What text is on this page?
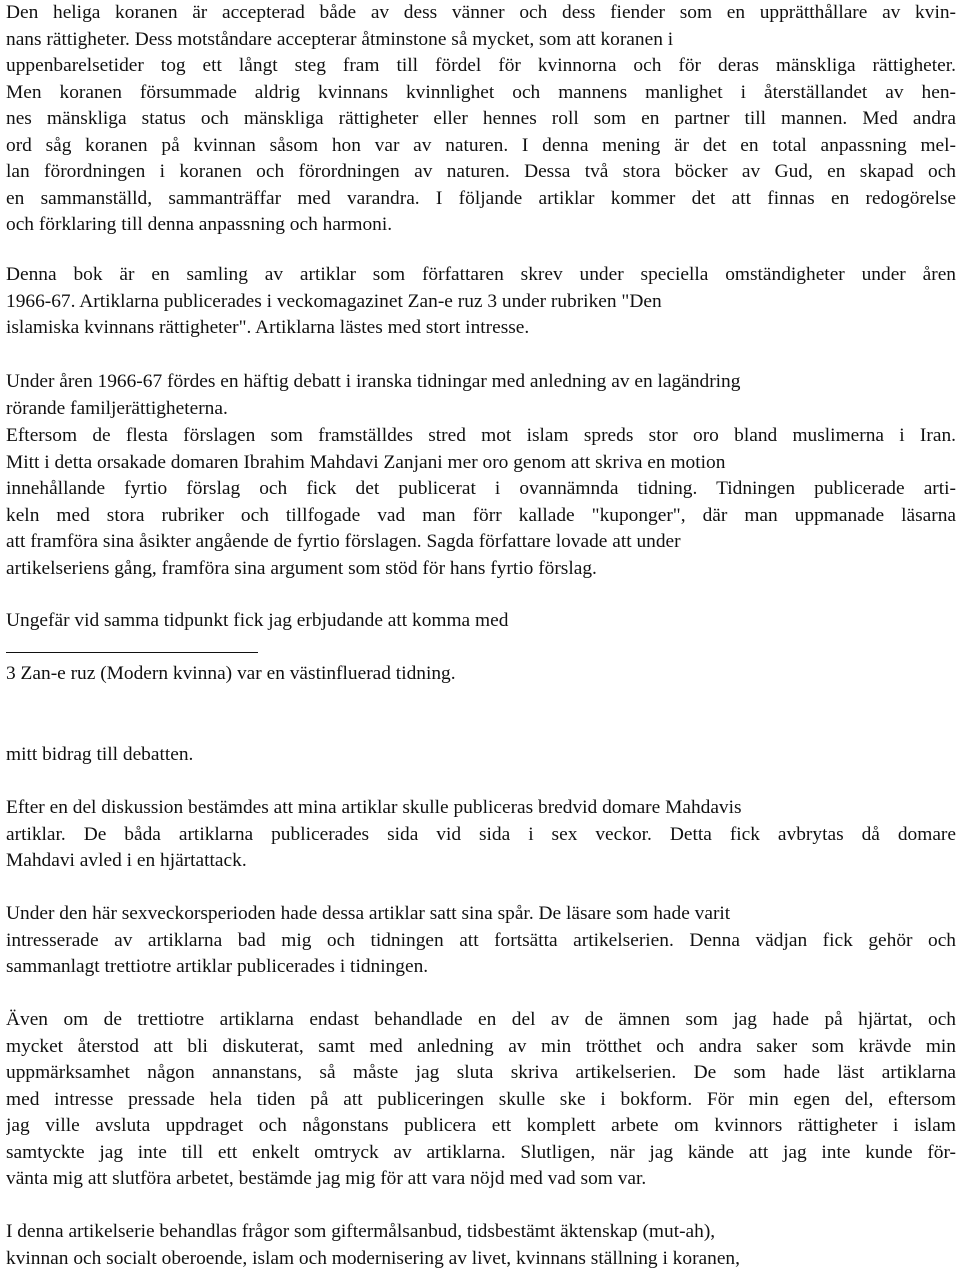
Den heliga koranen är accepterad både av dess vänner och dess fiender som en upprätthållare av kvin-
nans rättigheter. Dess motståndare accepterar åtminstone så mycket, som att koranen i
uppenbarelsetider tog ett långt steg fram till fördel för kvinnorna och för deras mänskliga rättigheter.
Men koranen försummade aldrig kvinnans kvinnlighet och mannens manlighet i återställandet av hen-
nes mänskliga status och mänskliga rättigheter eller hennes roll som en partner till mannen. Med andra
ord såg koranen på kvinnan såsom hon var av naturen. I denna mening är det en total anpassning mel-
lan förordningen i koranen och förordningen av naturen. Dessa två stora böcker av Gud, en skapad och
en sammanställd, sammanträffar med varandra. I följande artiklar kommer det att finnas en redogörelse
och förklaring till denna anpassning och harmoni.
Denna bok är en samling av artiklar som författaren skrev under speciella omständigheter under åren
1966-67. Artiklarna publicerades i veckomagazinet Zan-e ruz 3 under rubriken "Den
islamiska kvinnans rättigheter". Artiklarna lästes med stort intresse.
Under åren 1966-67 fördes en häftig debatt i iranska tidningar med anledning av en lagändring
rörande familjerättigheterna.
Eftersom de flesta förslagen som framställdes stred mot islam spreds stor oro bland muslimerna i Iran.
Mitt i detta orsakade domaren Ibrahim Mahdavi Zanjani mer oro genom att skriva en motion
innehållande fyrtio förslag och fick det publicerat i ovannämnda tidning. Tidningen publicerade arti-
keln med stora rubriker och tillfogade vad man förr kallade "kuponger", där man uppmanade läsarna
att framföra sina åsikter angående de fyrtio förslagen. Sagda författare lovade att under
artikelseriens gång, framföra sina argument som stöd för hans fyrtio förslag.
Ungefär vid samma tidpunkt fick jag erbjudande att komma med
3 Zan-e ruz (Modern kvinna) var en västinfluerad tidning.
mitt bidrag till debatten.
Efter en del diskussion bestämdes att mina artiklar skulle publiceras bredvid domare Mahdavis
artiklar. De båda artiklarna publicerades sida vid sida i sex veckor. Detta fick avbrytas då domare
Mahdavi avled i en hjärtattack.
Under den här sexveckorsperioden hade dessa artiklar satt sina spår. De läsare som hade varit
intresserade av artiklarna bad mig och tidningen att fortsätta artikelserien. Denna vädjan fick gehör och
sammanlagt trettiotre artiklar publicerades i tidningen.
Även om de trettiotre artiklarna endast behandlade en del av de ämnen som jag hade på hjärtat, och
mycket återstod att bli diskuterat, samt med anledning av min trötthet och andra saker som krävde min
uppmärksamhet någon annanstans, så måste jag sluta skriva artikelserien. De som hade läst artiklarna
med intresse pressade hela tiden på att publiceringen skulle ske i bokform. För min egen del, eftersom
jag ville avsluta uppdraget och någonstans publicera ett komplett arbete om kvinnors rättigheter i islam
samtyckte jag inte till ett enkelt omtryck av artiklarna. Slutligen, när jag kände att jag inte kunde för-
vänta mig att slutföra arbetet, bestämde jag mig för att vara nöjd med vad som var.
I denna artikelserie behandlas frågor som giftermålsanbud, tidsbestämt äktenskap (mut-ah),
kvinnan och socialt oberoende, islam och modernisering av livet, kvinnans ställning i koranen,
